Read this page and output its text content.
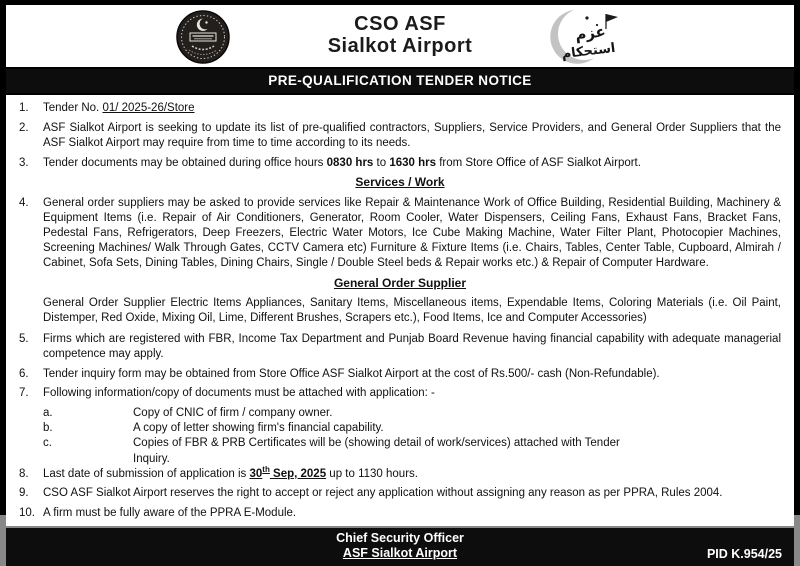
CSO ASF
Sialkot Airport
عزم
استحکام
PRE-QUALIFICATION TENDER NOTICE
1.	Tender No. 01/ 2025-26/Store
2.	ASF Sialkot Airport is seeking to update its list of pre-qualified contractors, Suppliers, Service Providers, and General Order Suppliers that the ASF Sialkot Airport may require from time to time according to its needs.
3.	Tender documents may be obtained during office hours 0830 hrs to 1630 hrs from Store Office of ASF Sialkot Airport.
Services / Work
4.	General order suppliers may be asked to provide services like Repair & Maintenance Work of Office Building, Residential Building, Machinery & Equipment Items (i.e. Repair of Air Conditioners, Generator, Room Cooler, Water Dispensers, Ceiling Fans, Exhaust Fans, Bracket Fans, Pedestal Fans, Refrigerators, Deep Freezers, Electric Water Motors, Ice Cube Making Machine, Water Filter Plant, Photocopier Machines, Screening Machines/ Walk Through Gates, CCTV Camera etc) Furniture & Fixture Items (i.e. Chairs, Tables, Center Table, Cupboard, Almirah / Cabinet, Sofa Sets, Dining Tables, Dining Chairs, Single / Double Steel beds & Repair works etc.) & Repair of Computer Hardware.
General Order Supplier
General Order Supplier Electric Items Appliances, Sanitary Items, Miscellaneous items, Expendable Items, Coloring Materials (i.e. Oil Paint, Distemper, Red Oxide, Mixing Oil, Lime, Different Brushes, Scrapers etc.), Food Items, Ice and Computer Accessories)
5.	Firms which are registered with FBR, Income Tax Department and Punjab Board Revenue having financial capability with adequate managerial competence may apply.
6.	Tender inquiry form may be obtained from Store Office ASF Sialkot Airport at the cost of Rs.500/- cash (Non-Refundable).
7.	Following information/copy of documents must be attached with application: -
a.	Copy of CNIC of firm / company owner.
b.	A copy of letter showing firm's financial capability.
c.	Copies of FBR & PRB Certificates will be (showing detail of work/services) attached with Tender
Inquiry.
8.	Last date of submission of application is 30th Sep, 2025 up to 1130 hours.
9.	CSO ASF Sialkot Airport reserves the right to accept or reject any application without assigning any reason as per PPRA, Rules 2004.
10. A firm must be fully aware of the PPRA E-Module.
Chief Security Officer
ASF Sialkot Airport	PID K.954/25
